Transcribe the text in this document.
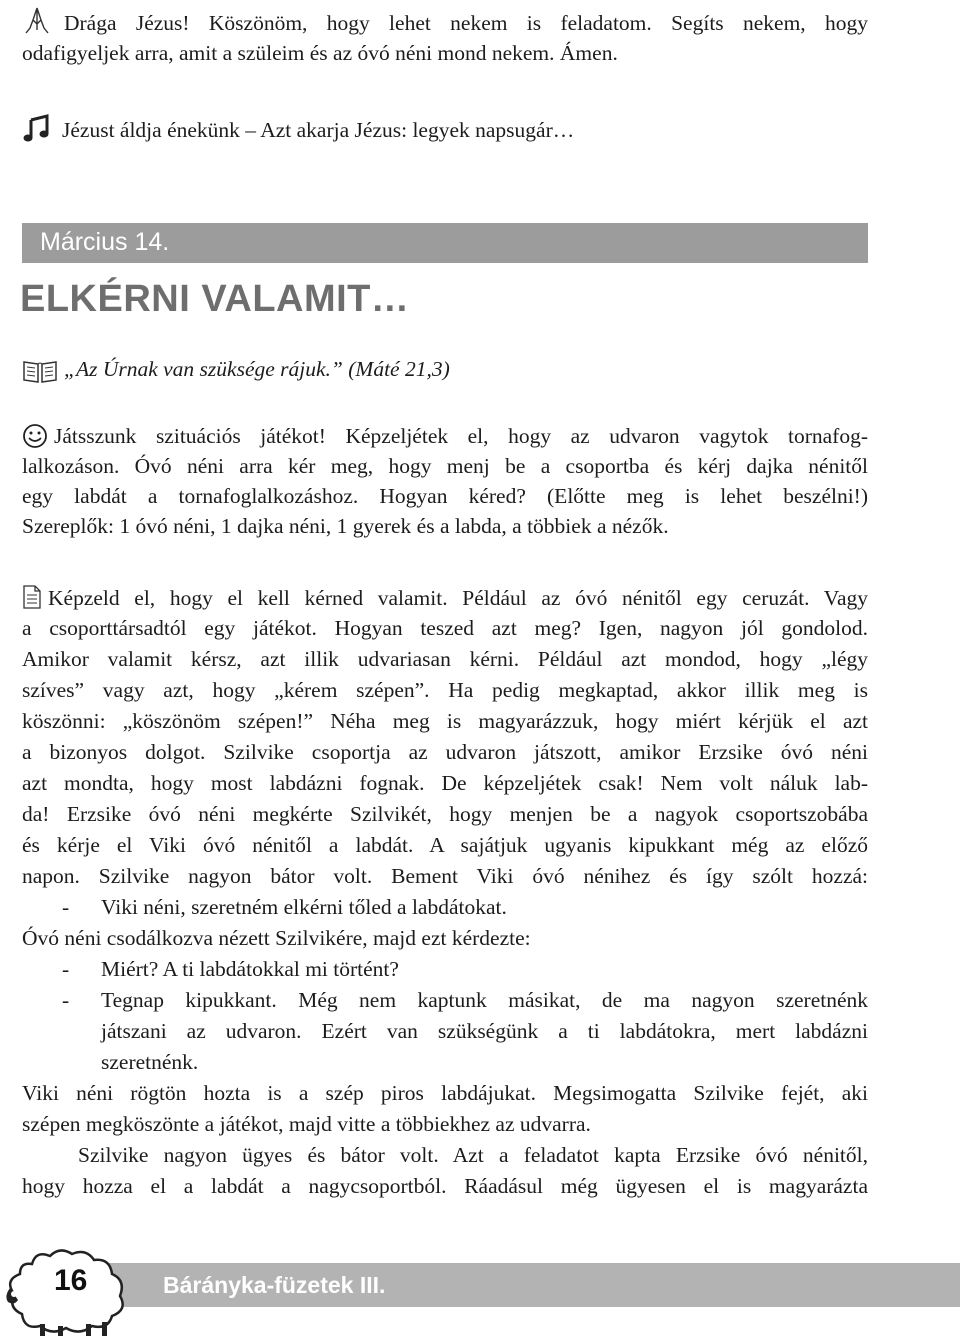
Drága Jézus! Köszönöm, hogy lehet nekem is feladatom. Segíts nekem, hogy
odafigyeljek arra, amit a szüleim és az óvó néni mond nekem. Ámen.
Jézust áldja énekünk – Azt akarja Jézus: legyek napsugár…
Március 14.
ELKÉRNI VALAMIT…
„Az Úrnak van szüksége rájuk.” (Máté 21,3)
Játsszunk szituációs játékot! Képzeljétek el, hogy az udvaron vagytok tornafog-
lalkozáson. Óvó néni arra kér meg, hogy menj be a csoportba és kérj dajka nénitől
egy labdát a tornafoglalkozáshoz. Hogyan kéred? (Előtte meg is lehet beszélni!)
Szereplők: 1 óvó néni, 1 dajka néni, 1 gyerek és a labda, a többiek a nézők.
Képzeld el, hogy el kell kérned valamit. Például az óvó nénitől egy ceruzát. Vagy
a csoporttársadtól egy játékot. Hogyan teszed azt meg? Igen, nagyon jól gondolod.
Amikor valamit kérsz, azt illik udvariasan kérni. Például azt mondod, hogy „légy
szíves” vagy azt, hogy „kérem szépen”. Ha pedig megkaptad, akkor illik meg is
köszönni: „köszönöm szépen!” Néha meg is magyarázzuk, hogy miért kérjük el azt
a bizonyos dolgot. Szilvike csoportja az udvaron játszott, amikor Erzsike óvó néni
azt mondta, hogy most labdázni fognak. De képzeljétek csak! Nem volt náluk lab-
da! Erzsike óvó néni megkérte Szilvikét, hogy menjen be a nagyok csoportszobába
és kérje el Viki óvó nénitől a labdát. A sajátjuk ugyanis kipukkant még az előző
napon. Szilvike nagyon bátor volt. Bement Viki óvó nénihez és így szólt hozzá:
- Viki néni, szeretném elkérni tőled a labdátokat.
Óvó néni csodálkozva nézett Szilvikére, majd ezt kérdezte:
- Miért? A ti labdátokkal mi történt?
- Tegnap kipukkant. Még nem kaptunk másikat, de ma nagyon szeretnénk
játszani az udvaron. Ezért van szükségünk a ti labdátokra, mert labdázni
szeretnénk.
Viki néni rögtön hozta is a szép piros labdájukat. Megsimogatta Szilvike fejét, aki
szépen megköszönte a játékot, majd vitte a többiekhez az udvarra.
Szilvike nagyon ügyes és bátor volt. Azt a feladatot kapta Erzsike óvó nénitől,
hogy hozza el a labdát a nagycsoportból. Ráadásul még ügyesen el is magyarázta
16	Bárányka-füzetek III.
